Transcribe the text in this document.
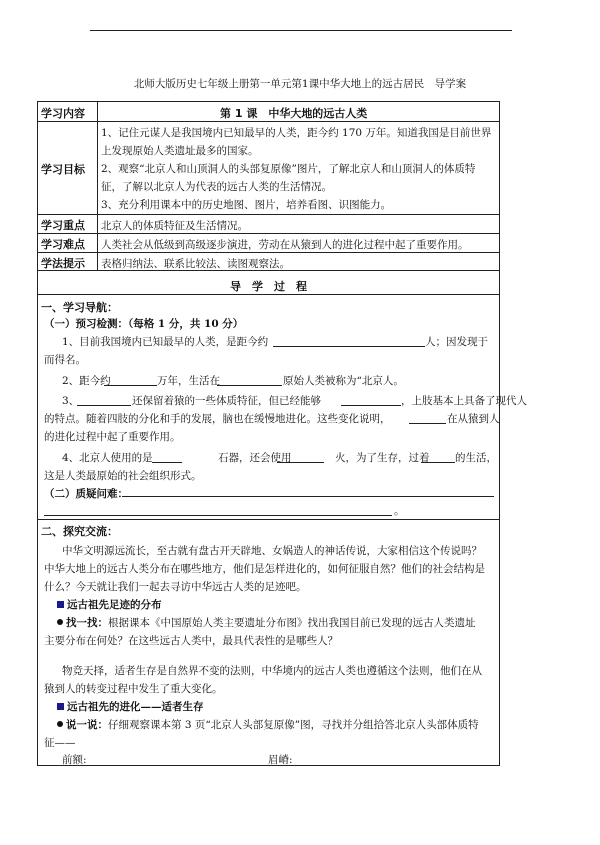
北师大版历史七年级上册第一单元第1课中华大地上的远古居民　导学案
学习内容	第 1 课　中华大地的远古人类
学习目标
1、记住元谋人是我国境内已知最早的人类，距今约 170 万年。知道我国是目前世界
上发现原始人类遗址最多的国家。
2、观察“北京人和山顶洞人的头部复原像”图片，了解北京人和山顶洞人的体质特
征，了解以北京人为代表的远古人类的生活情况。
3、充分利用课本中的历史地图、图片，培养看图、识图能力。
学习重点 北京人的体质特征及生活情况。
学习难点 人类社会从低级到高级逐步演进，劳动在从猿到人的进化过程中起了重要作用。
学法提示 表格归纳法、联系比较法、读图观察法。
导　学　过　程
一、学习导航：
（一）预习检测：（每格 1 分，共 10 分）
1、目前我国境内已知最早的人类，是距今约	人；因发现于
而得名。
2、距今约	万年，生活在	原始人类被称为“北京人。
3、	还保留着猿的一些体质特征，但已经能够	，上肢基本上具备了现代人
的特点。随着四肢的分化和手的发展，脑也在缓慢地进化。这些变化说明，	在从猿到人
的进化过程中起了重要作用。
4、北京人使用的是	石器，还会使用	火，为了生存，过着 的生活，
这是人类最原始的社会组织形式。
（二）质疑问难：
。
二、探究交流：
中华文明源远流长，至古就有盘古开天辟地、女娲造人的神话传说，大家相信这个传说吗？
中华大地上的远古人类分布在哪些地方，他们是怎样进化的，如何征服自然？他们的社会结构是
什么？今天就让我们一起去寻访中华远古人类的足迹吧。
远古祖先足迹的分布
找一找：根据课本《中国原始人类主要遗址分布图》找出我国目前已发现的远古人类遗址
主要分布在何处？在这些远古人类中，最具代表性的是哪些人？
物竞天择，适者生存是自然界不变的法则，中华境内的远古人类也遵循这个法则，他们在从
猿到人的转变过程中发生了重大变化。
远古祖先的进化——适者生存
说一说：仔细观察课本第 3 页“北京人头部复原像”图，寻找并分组拾答北京人头部体质特
征——
前额:	眉嵴:
